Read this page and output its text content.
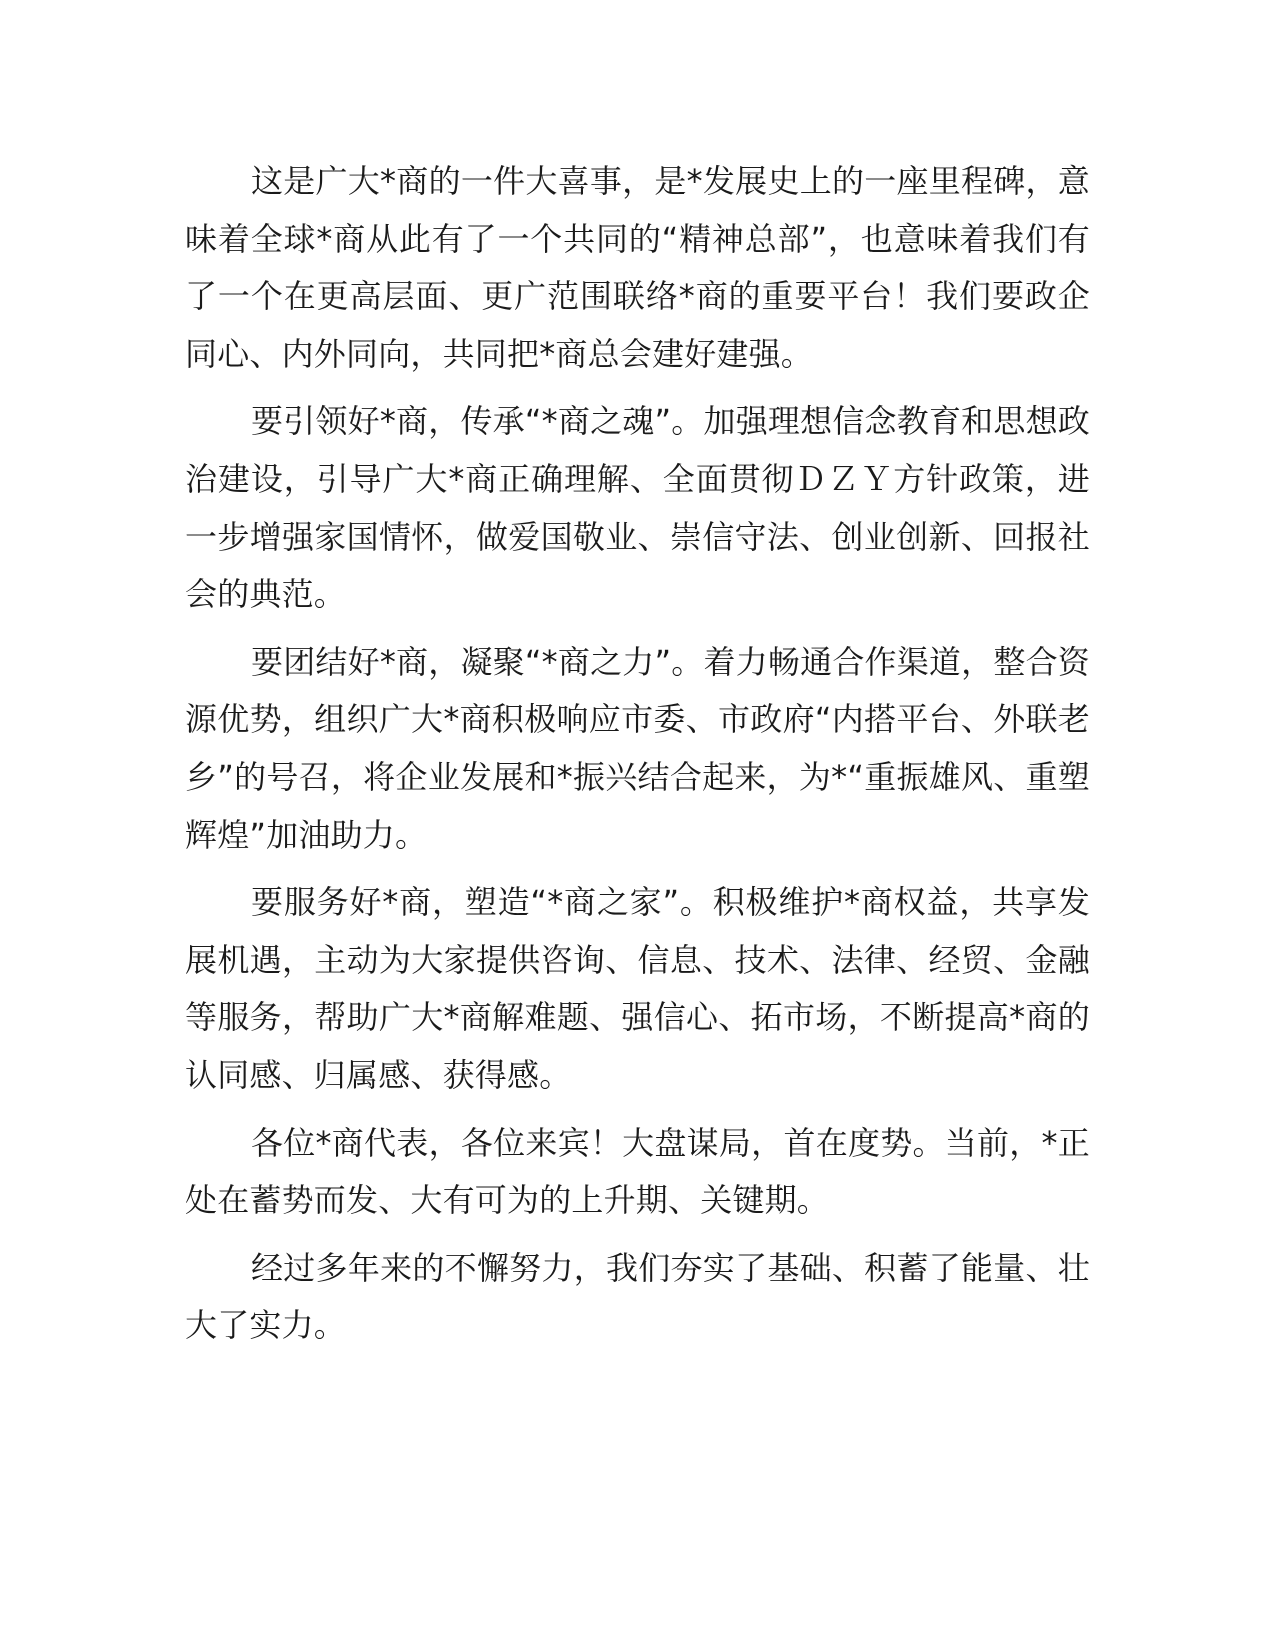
这是广大*商的一件大喜事，是*发展史上的一座里程碑，意味着全球*商从此有了一个共同的“精神总部”，也意味着我们有了一个在更高层面、更广范围联络*商的重要平台！我们要政企同心、内外同向，共同把*商总会建好建强。

要引领好*商，传承“*商之魂”。加强理想信念教育和思想政治建设，引导广大*商正确理解、全面贯彻ＤＺＹ方针政策，进一步增强家国情怀，做爱国敬业、崇信守法、创业创新、回报社会的典范。

要团结好*商，凝聚“*商之力”。着力畅通合作渠道，整合资源优势，组织广大*商积极响应市委、市政府“内搭平台、外联老乡”的号召，将企业发展和*振兴结合起来，为*“重振雄风、重塑辉煌”加油助力。

要服务好*商，塑造“*商之家”。积极维护*商权益，共享发展机遇，主动为大家提供咨询、信息、技术、法律、经贸、金融等服务，帮助广大*商解难题、强信心、拓市场，不断提高*商的认同感、归属感、获得感。

各位*商代表，各位来宾！大盘谋局，首在度势。当前，*正处在蓄势而发、大有可为的上升期、关键期。

经过多年来的不懈努力，我们夯实了基础、积蓄了能量、壮大了实力。
